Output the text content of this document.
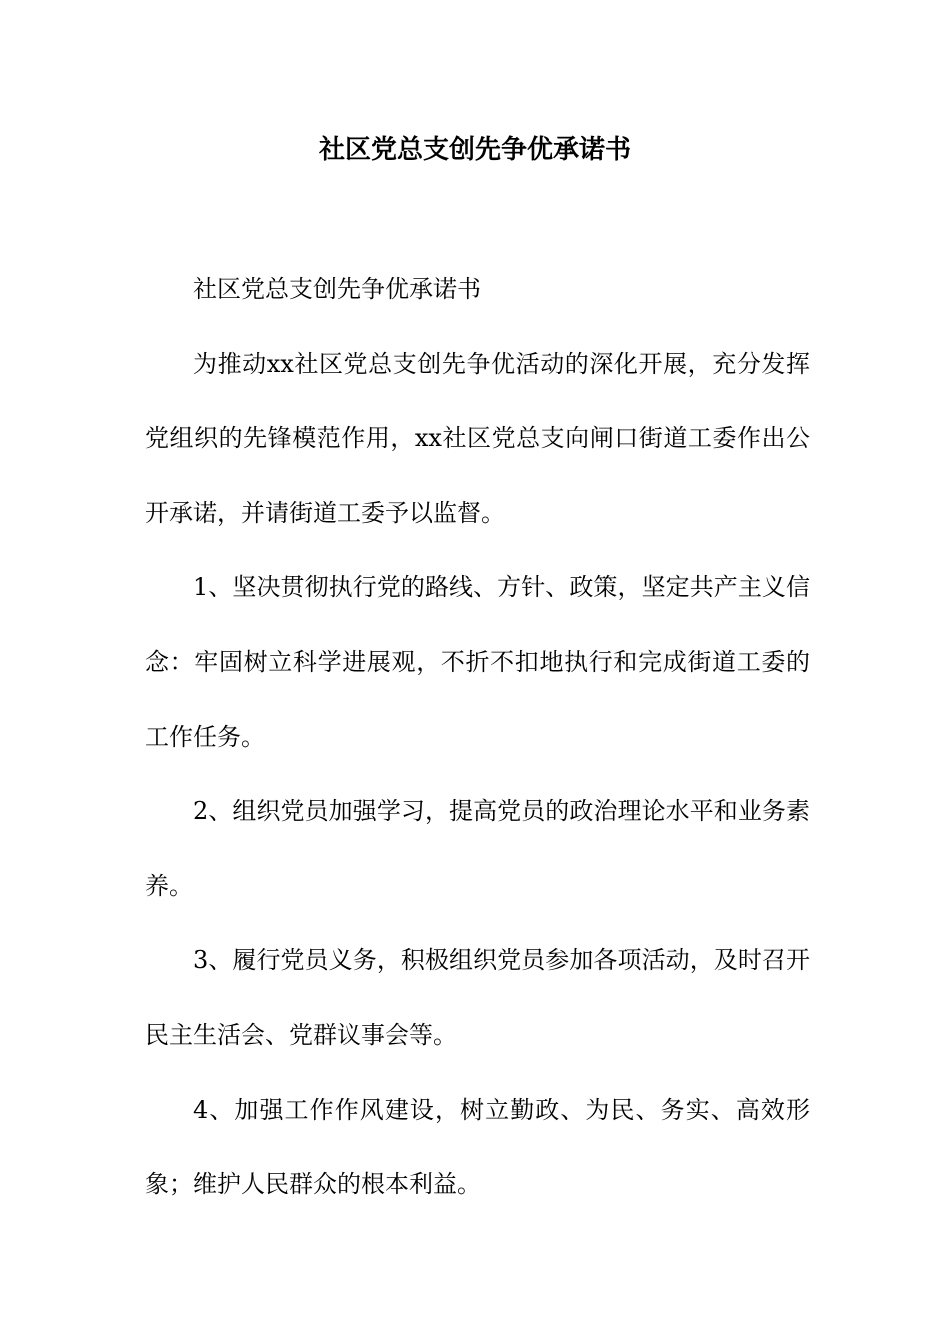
社区党总支创先争优承诺书

社区党总支创先争优承诺书

为推动xx社区党总支创先争优活动的深化开展，充分发挥党组织的先锋模范作用，xx社区党总支向闸口街道工委作出公开承诺，并请街道工委予以监督。

1、坚决贯彻执行党的路线、方针、政策，坚定共产主义信念：牢固树立科学进展观，不折不扣地执行和完成街道工委的工作任务。

2、组织党员加强学习，提高党员的政治理论水平和业务素养。

3、履行党员义务，积极组织党员参加各项活动，及时召开民主生活会、党群议事会等。

4、加强工作作风建设，树立勤政、为民、务实、高效形象；维护人民群众的根本利益。
